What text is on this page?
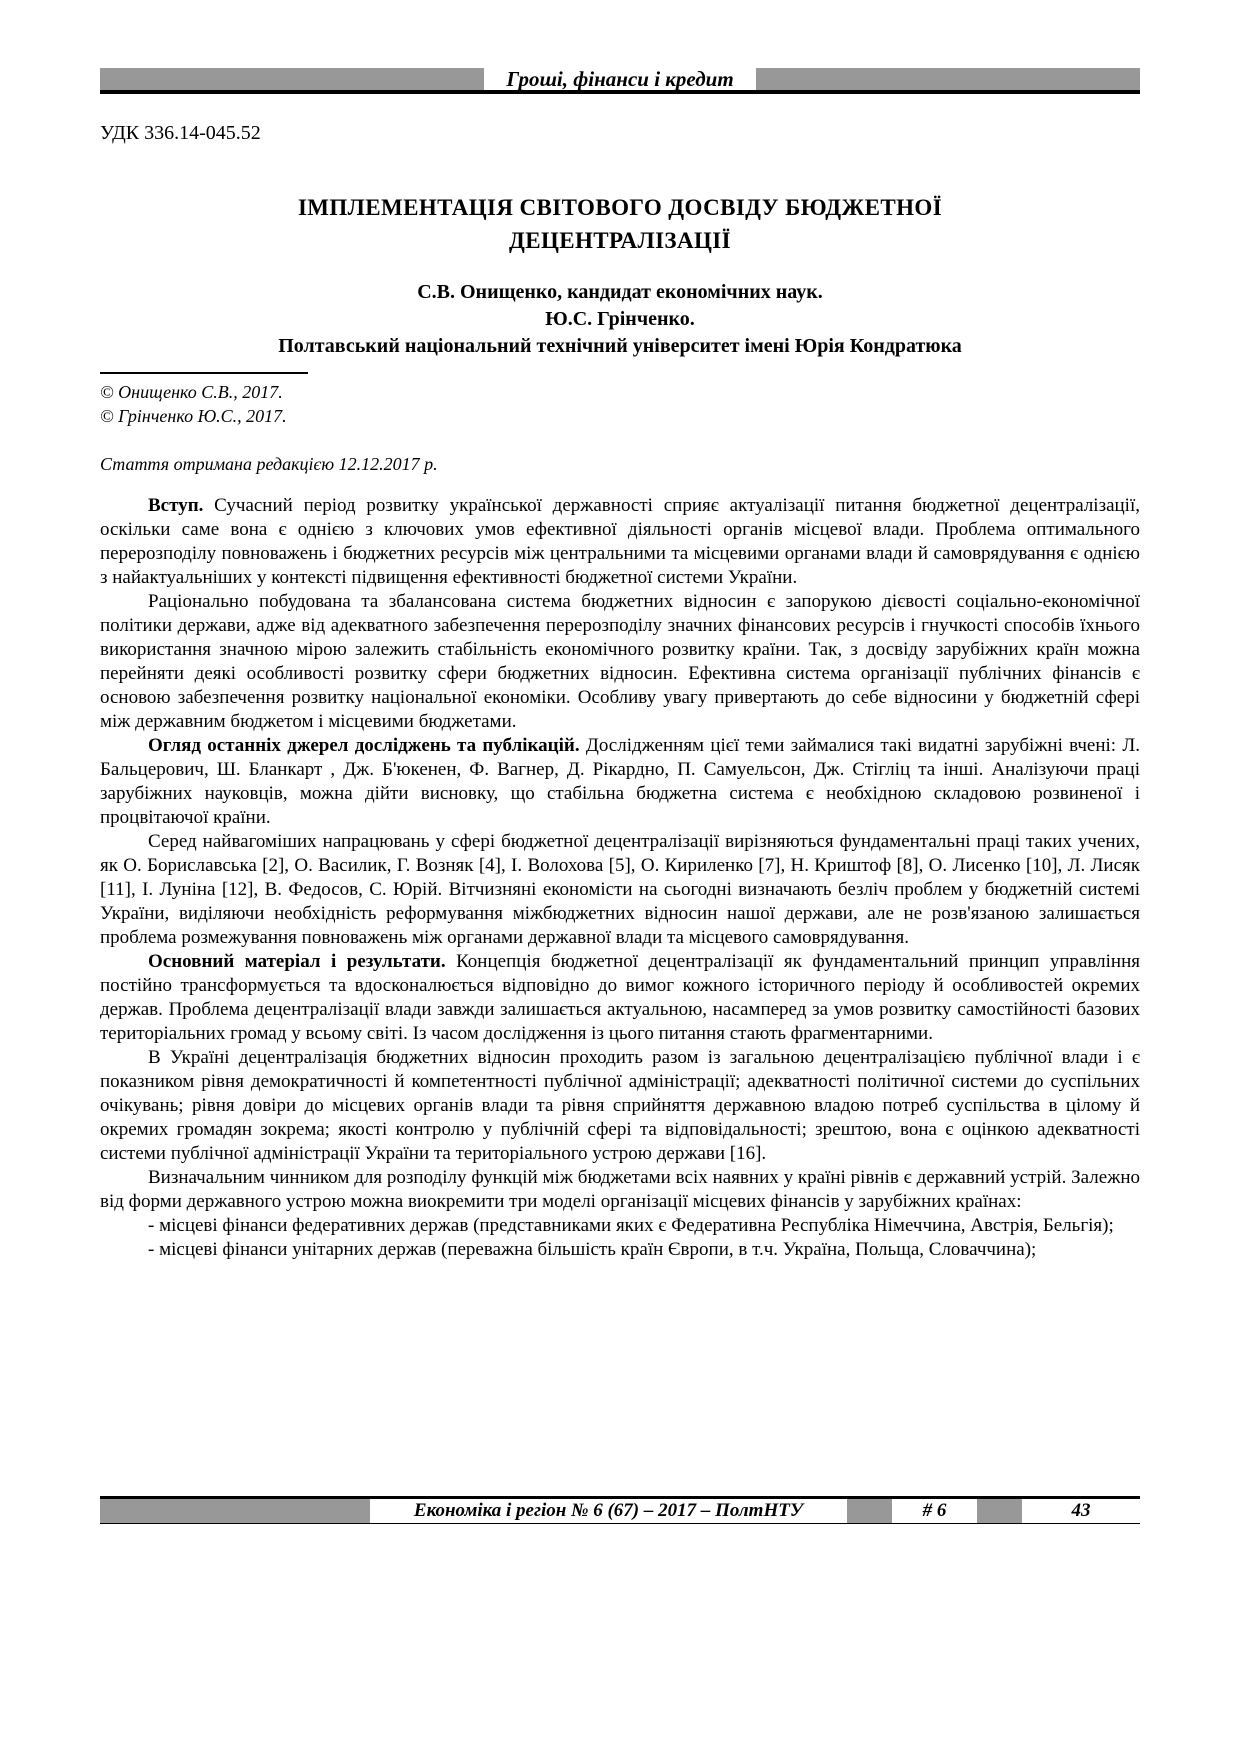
Гроші, фінанси і кредит
УДК 336.14-045.52
ІМПЛЕМЕНТАЦІЯ СВІТОВОГО ДОСВІДУ БЮДЖЕТНОЇ ДЕЦЕНТРАЛІЗАЦІЇ
С.В. Онищенко, кандидат економічних наук.
Ю.С. Грінченко.
Полтавський національний технічний університет імені Юрія Кондратюка
© Онищенко С.В., 2017.
© Грінченко Ю.С., 2017.
Стаття отримана редакцією 12.12.2017 р.

Вступ. Сучасний період розвитку української державності сприяє актуалізації питання бюджетної децентралізації, оскільки саме вона є однією з ключових умов ефективної діяльності органів місцевої влади. Проблема оптимального перерозподілу повноважень і бюджетних ресурсів між центральними та місцевими органами влади й самоврядування є однією з найактуальніших у контексті підвищення ефективності бюджетної системи України.

Раціонально побудована та збалансована система бюджетних відносин є запорукою дієвості соціально-економічної політики держави, адже від адекватного забезпечення перерозподілу значних фінансових ресурсів і гнучкості способів їхнього використання значною мірою залежить стабільність економічного розвитку країни. Так, з досвіду зарубіжних країн можна перейняти деякі особливості розвитку сфери бюджетних відносин. Ефективна система організації публічних фінансів є основою забезпечення розвитку національної економіки. Особливу увагу привертають до себе відносини у бюджетній сфері між державним бюджетом і місцевими бюджетами.

Огляд останніх джерел досліджень та публікацій. Дослідженням цієї теми займалися такі видатні зарубіжні вчені: Л. Бальцерович, Ш. Бланкарт , Дж. Б'юкенен, Ф. Вагнер, Д. Рікардно, П. Самуельсон, Дж. Стігліц та інші. Аналізуючи праці зарубіжних науковців, можна дійти висновку, що стабільна бюджетна система є необхідною складовою розвиненої і процвітаючої країни.

Серед найвагоміших напрацювань у сфері бюджетної децентралізації вирізняються фундаментальні праці таких учених, як О. Бориславська [2], О. Василик, Г. Возняк [4], І. Волохова [5], О. Кириленко [7], Н. Криштоф [8], О. Лисенко [10], Л. Лисяк [11], І. Луніна [12], В. Федосов, С. Юрій. Вітчизняні економісти на сьогодні визначають безліч проблем у бюджетній системі України, виділяючи необхідність реформування міжбюджетних відносин нашої держави, але не розв'язаною залишається проблема розмежування повноважень між органами державної влади та місцевого самоврядування.

Основний матеріал і результати. Концепція бюджетної децентралізації як фундаментальний принцип управління постійно трансформується та вдосконалюється відповідно до вимог кожного історичного періоду й особливостей окремих держав. Проблема децентралізації влади завжди залишається актуальною, насамперед за умов розвитку самостійності базових територіальних громад у всьому світі. Із часом дослідження із цього питання стають фрагментарними.

В Україні децентралізація бюджетних відносин проходить разом із загальною децентралізацією публічної влади і є показником рівня демократичності й компетентності публічної адміністрації; адекватності політичної системи до суспільних очікувань; рівня довіри до місцевих органів влади та рівня сприйняття державною владою потреб суспільства в цілому й окремих громадян зокрема; якості контролю у публічній сфері та відповідальності; зрештою, вона є оцінкою адекватності системи публічної адміністрації України та територіального устрою держави [16].

Визначальним чинником для розподілу функцій між бюджетами всіх наявних у країні рівнів є державний устрій. Залежно від форми державного устрою можна виокремити три моделі організації місцевих фінансів у зарубіжних країнах:

- місцеві фінанси федеративних держав (представниками яких є Федеративна Республіка Німеччина, Австрія, Бельгія);

- місцеві фінанси унітарних держав (переважна більшість країн Європи, в т.ч. Україна, Польща, Словаччина);

Економіка і регіон № 6 (67) – 2017 – ПолтНТУ	# 6	43
